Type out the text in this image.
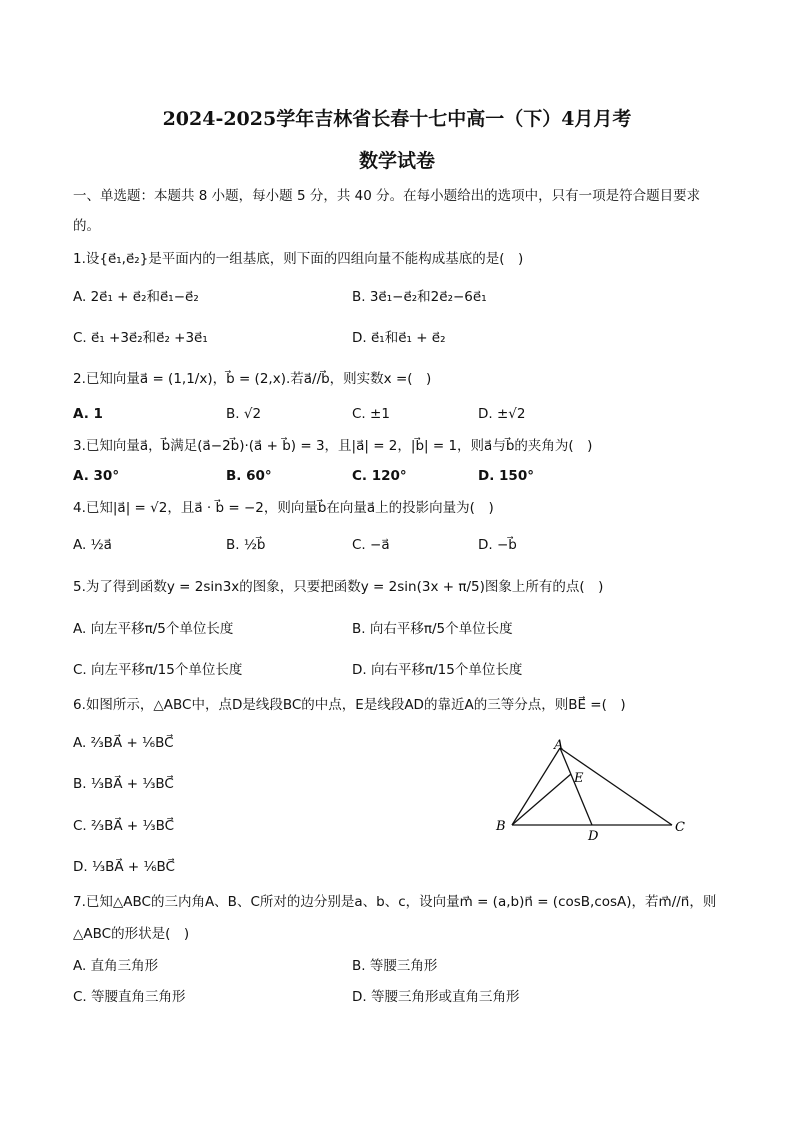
2024-2025学年吉林省长春十七中高一（下）4月月考
数学试卷
一、单选题：本题共 8 小题，每小题 5 分，共 40 分。在每小题给出的选项中，只有一项是符合题目要求
的。
1.设{e⃗₁,e⃗₂}是平面内的一组基底，则下面的四组向量不能构成基底的是(　)
A. 2e⃗₁ + e⃗₂和e⃗₁−e⃗₂	B. 3e⃗₁−e⃗₂和2e⃗₂−6e⃗₁
C. e⃗₁ +3e⃗₂和e⃗₂ +3e⃗₁	D. e⃗₁和e⃗₁ + e⃗₂
2.已知向量a⃗ = (1,1/x)，b⃗ = (2,x).若a⃗//b⃗，则实数x =(　)
A. 1	B. √2	C. ±1	D. ±√2
3.已知向量a⃗，b⃗满足(a⃗−2b⃗)·(a⃗ + b⃗) = 3，且|a⃗| = 2，|b⃗| = 1，则a⃗与b⃗的夹角为(　)
A. 30°	B. 60°	C. 120°	D. 150°
4.已知|a⃗| = √2，且a⃗ · b⃗ = −2，则向量b⃗在向量a⃗上的投影向量为(　)
A. ½a⃗	B. ½b⃗	C. −a⃗	D. −b⃗
5.为了得到函数y = 2sin3x的图象，只要把函数y = 2sin(3x + π/5)图象上所有的点(　)
A. 向左平移π/5个单位长度	B. 向右平移π/5个单位长度
C. 向左平移π/15个单位长度	D. 向右平移π/15个单位长度
6.如图所示，△ABC中，点D是线段BC的中点，E是线段AD的靠近A的三等分点，则BE⃗ =(　)
A. ⅔BA⃗ + ⅙BC⃗
B. ⅓BA⃗ + ⅓BC⃗
C. ⅔BA⃗ + ⅓BC⃗
D. ⅓BA⃗ + ⅙BC⃗
A
B	C
D
E
7.已知△ABC的三内角A、B、C所对的边分别是a、b、c，设向量m⃗ = (a,b)n⃗ = (cosB,cosA)，若m⃗//n⃗，则
△ABC的形状是(　)
A. 直角三角形	B. 等腰三角形
C. 等腰直角三角形	D. 等腰三角形或直角三角形
